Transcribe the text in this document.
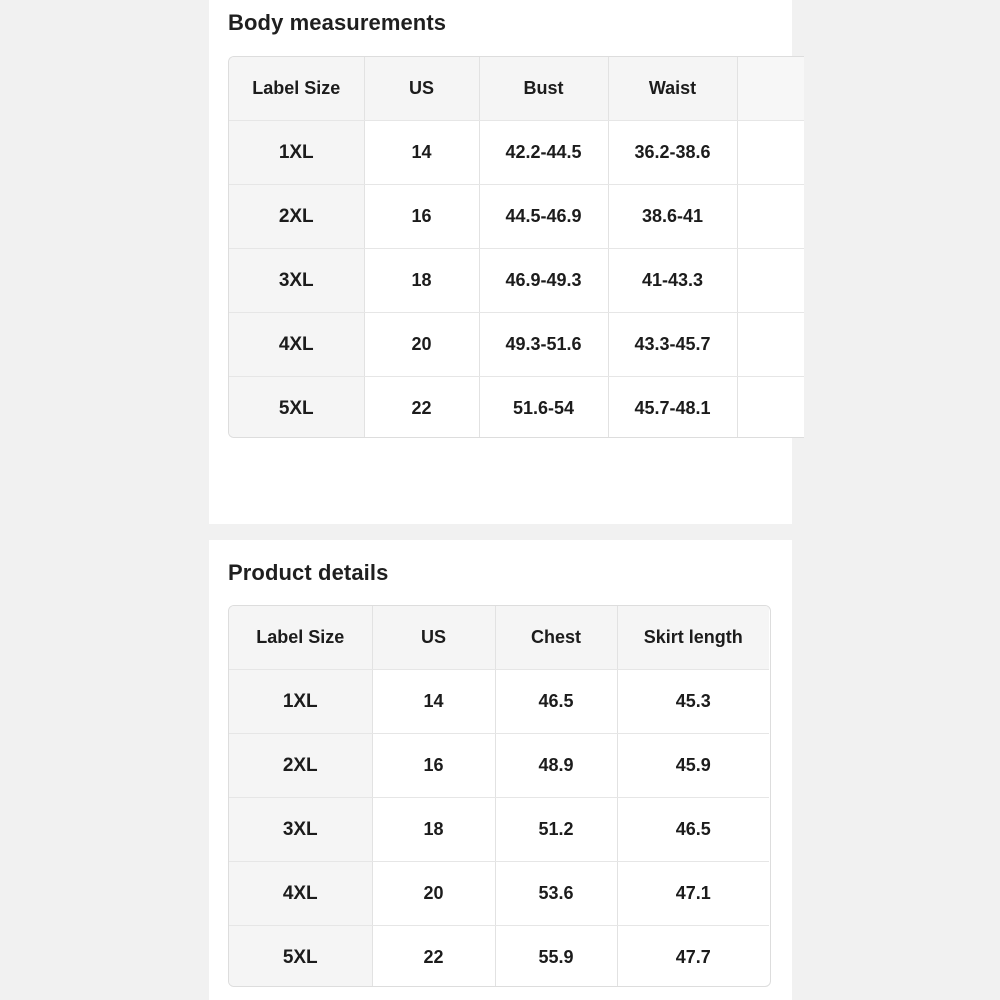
Body measurements
Label Size	US	Bust	Waist	
1XL	14	42.2-44.5	36.2-38.6	
2XL	16	44.5-46.9	38.6-41	
3XL	18	46.9-49.3	41-43.3	
4XL	20	49.3-51.6	43.3-45.7	
5XL	22	51.6-54	45.7-48.1	
Product details
Label Size	US	Chest	Skirt length
1XL	14	46.5	45.3
2XL	16	48.9	45.9
3XL	18	51.2	46.5
4XL	20	53.6	47.1
5XL	22	55.9	47.7
